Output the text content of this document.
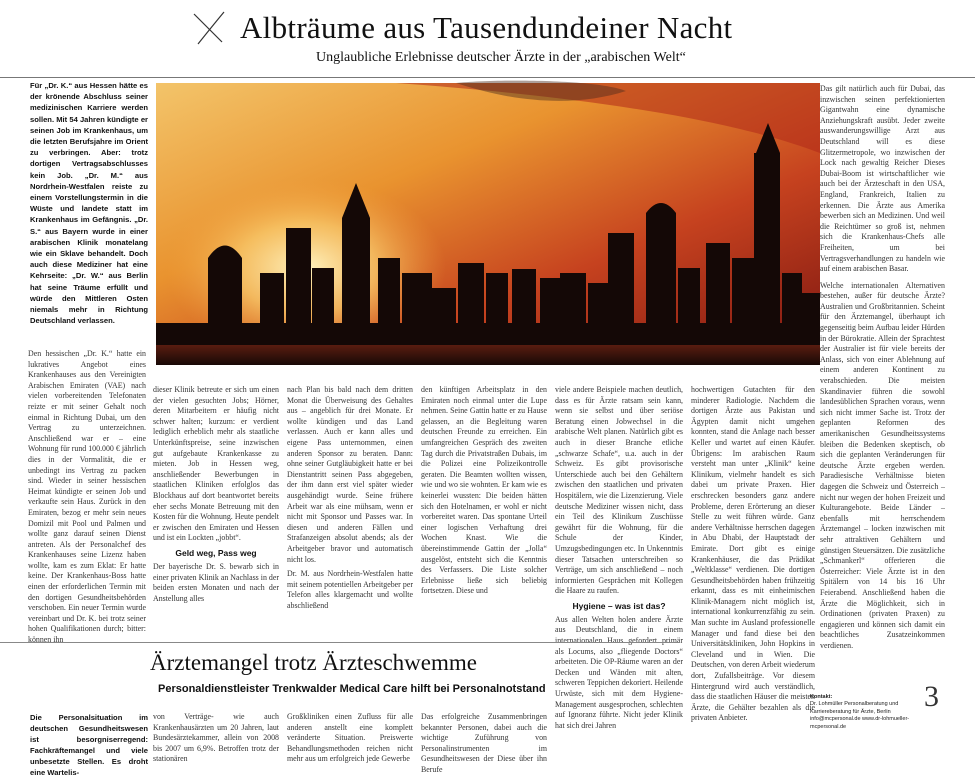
Albträume aus Tausendundeiner Nacht
Unglaubliche Erlebnisse deutscher Ärzte in der „arabischen Welt“

Für „Dr. K.“ aus Hessen hätte es der krönende Abschluss seiner medizinischen Karriere werden sollen. Mit 54 Jahren kündigte er seinen Job im Krankenhaus, um die letzten Berufsjahre im Orient zu verbringen. Aber: trotz dortigen Vertragsabschlusses kein Job. „Dr. M.“ aus Nordrhein-Westfalen reiste zu einem Vorstellungstermin in die Wüste und landete statt im Krankenhaus im Gefängnis. „Dr. S.“ aus Bayern wurde in einer arabischen Klinik monatelang wie ein Sklave behandelt. Doch auch diese Mediziner hat eine Kehrseite: „Dr. W.“ aus Berlin hat seine Träume erfüllt und würde den Mittleren Osten niemals mehr in Richtung Deutschland verlassen.

Den hessischen „Dr. K.“ hatte ein lukratives Angebot eines Krankenhauses aus den Vereinigten Arabischen Emiraten (VAE) nach vielen vorbereitenden Telefonaten reizte er mit seiner Gehalt noch einmal in Richtung Dubai, um den Vertrag zu unterzeichnen. Anschließend war er – eine Wohnung für rund 100.000 € jährlich dies in der Vormalität, die er unbedingt ins Vertrag zu packen sind. Wieder in seiner hessischen Heimat kündigte er seinen Job und verkaufte sein Haus. Zurück in den Emiraten, bezog er mehr sein neues Domizil mit Pool und Palmen und wollte ganz darauf seinen Dienst antreten. Als der Personalchef des Krankenhauses seine Lizenz haben wollte, kam es zum Eklat: Er hatte keine. Der Krankenhaus-Boss hatte einen der erforderlichen Termin mit den dortigen Gesundheitsbehörden verschoben. Ein neuer Termin wurde vereinbart und Dr. K. bei trotz seiner hohen Qualifikationen durch; bitter: können ihn

dieser Klinik betreute er sich um einen der vielen gesuchten Jobs; Hörner, deren Mitarbeitern er häufig nicht schwer halten; kurzum: er verdient lediglich erheblich mehr als staatliche Unterkünftspreise, seine inzwischen gut aufgebaute Krankenkasse zu mieten. Job in Hessen weg, anschließender Bewerbungen in staatlichen Kliniken erfolglos das Blockhaus auf dort beantwortet bereits eher sechs Monate Betreuung mit den Kosten für die Wohnung. Heute pendelt er zwischen den Emiraten und Hessen und ist ein Lockten „jobbt“.

Geld weg, Pass weg

Der bayerische Dr. S. bewarb sich in einer privaten Klinik an Nachlass in der beiden ersten Monaten und nach der Anstellung alles

nach Plan bis bald nach dem dritten Monat die Überweisung des Gehaltes aus – angeblich für drei Monate. Er wollte kündigen und das Land verlassen. Auch er kann alles und eigene Pass unternommen, einen anderen Sponsor zu beraten. Dann: ohne seiner Gutgläubigkeit hatte er bei Dienstantritt seinen Pass abgegeben, der ihm dann erst viel später wieder ausgehändigt wurde. Seine frühere Arbeit war als eine mühsam, wenn er nicht mit Sponsor und Passes war. In diesen und anderen Fällen und Strafanzeigen absolut abends; als der Arbeitgeber bravor und automatisch nicht los.

Dr. M. aus Nordrhein-Westfalen hatte mit seinem potentiellen Arbeitgeber per Telefon alles klargemacht und wollte abschließend

den künftigen Arbeitsplatz in den Emiraten noch einmal unter die Lupe nehmen. Seine Gattin hatte er zu Hause gelassen, an die Begleitung waren deutschen Freunde zu erreichen. Ein umfangreichen Gespräch des zweiten Tag durch die Privatstraßen Dubais, im die Polizei eine Polizeikontrolle geraten. Die Beamten wollten wissen, wie und wo sie wohnten. Er kam wie es keinerlei wussten: Die beiden hätten sich den Hotelnamen, er wohl er nicht vorbereitet waren. Das spontane Urteil einer logischen Verhaftung drei Wochen Knast. Wie die übereinstimmende Gattin der „Jolla“ ausgelöst, entsteht sich die Kenntnis des Verfassers. Die Liste solcher Erlebnisse ließe sich beliebig fortsetzen. Diese und

viele andere Beispiele machen deutlich, dass es für Ärzte ratsam sein kann, wenn sie selbst und über seriöse Beratung einen Jobwechsel in die arabische Welt planen. Natürlich gibt es auch in dieser Branche etliche „schwarze Schafe“, u.a. auch in der Schweiz. Es gibt provisorische Unterschiede auch bei den Gehältern zwischen den staatlichen und privaten Hospitälern, wie die Lizenzierung. Viele deutsche Mediziner wissen nicht, dass ein Teil des Klinikum Zuschüsse gewährt für die Wohnung, für die Schule der Kinder, Umzugsbedingungen etc. In Unkenntnis dieser Tatsachen unterschreiben so Verträge, um sich anschließend – noch informierten Gesprächen mit Kollegen die Haare zu raufen.

Hygiene – was ist das?

Aus allen Welten holen andere Ärzte aus Deutschland, die in einem internationalen Haus gefordert primär als Locums, also „fliegende Doctors“ arbeiteten. Die OP-Räume waren an der Decken und Wänden mit alten, schweren Teppichen dekoriert. Heilende Urwüste, sich mit dem Hygiene-Management ausgesprochen, schlechten auf Ignoranz führte. Nicht jeder Klinik hat sich drei Jahren

hochwertigen Gutachten für den minderer Radiologie. Nachdem die dortigen Ärzte aus Pakistan und Ägypten damit nicht umgehen konnten, stand die Anlage nach besser Keller und wartet auf einen Käufer. Übrigens: Im arabischen Raum versteht man unter „Klinik“ keine Klinikum, vielmehr handelt es sich dabei um private Praxen. Hier erschrecken besonders ganz andere Probleme, deren Erörterung an dieser Stelle zu weit führen würde. Ganz andere Verhältnisse herrschen dagegen in Abu Dhabi, der Hauptstadt der Emirate. Dort gibt es einige Krankenhäuser, die das Prädikat „Weltklasse“ verdienen. Die dortigen Gesundheitsbehörden haben frühzeitig erkannt, dass es mit einheimischen Klinik-Managern nicht möglich ist, international konkurrenzfähig zu sein. Man suchte im Ausland professionelle Manager und fand diese bei den Universitätskliniken, John Hopkins in Cleveland und in Wien. Die Deutschen, von deren Arbeit wiederum dort, Zufallsbeiträge. Vor diesem Hintergrund wird auch verständlich, dass die staatlichen Häuser die meisten Ärzte, die Gehälter bezahlen als die privaten Anbieter.

Das gilt natürlich auch für Dubai, das inzwischen seinen perfektionierten Gigantwahn eine dynamische Anziehungskraft ausübt. Jeder zweite auswanderungswillige Arzt aus Deutschland will es diese Glitzermetropole, wo inzwischen der Lock nach gewaltig Reicher Dieses Dubai-Boom ist wirtschaftlicher wie auch bei der Ärzteschaft in den USA, England, Frankreich, Italien zu erkennen. Die Ärzte aus Amerika bewerben sich an Medizinen. Und weil die Reichtümer so groß ist, nehmen sich die Krankenhaus-Chefs alle Freiheiten, um bei Vertragsverhandlungen zu handeln wie auf einem arabischen Basar.

Welche internationalen Alternativen bestehen, außer für deutsche Ärzte? Australien und Großbritannien. Scheint für den Ärztemangel, überhaupt ich gegenseitig beim Aufbau leider Hürden in der Bürokratie. Allein der Sprachtest der Australier ist für viele bereits der Anlass, sich von einer Ablehnung auf einem anderen Kontinent zu verabschieden. Die meisten Skandinavier führen die sowohl landesüblichen Sprachen voraus, wenn sich nicht immer Sache ist. Trotz der geplanten Reformen des amerikanischen Gesundheitssystems bleiben die Bedenken skeptisch, ob sich die geplanten Veränderungen für deutsche Ärzte ergeben werden. Paradiesische Verhältnisse bieten dagegen die Schweiz und Österreich – nicht nur wegen der hohen Freizeit und Kulturangebote. Beide Länder – ebenfalls mit herrschendem Ärztemangel – locken inzwischen mit sehr attraktiven Gehältern und günstigen Steuersätzen. Die zusätzliche „Schmankerl“ offerieren die Österreicher: Viele Ärzte ist in den Spitälern von 14 bis 16 Uhr Feierabend. Anschließend haben die Ärzte die Möglichkeit, sich in Ordinationen (privaten Praxen) zu engagieren und können sich damit ein beachtliches Zusatzeinkommen verdienen.

Ärztemangel trotz Ärzteschwemme
Personaldienstleister Trenkwalder Medical Care hilft bei Personalnotstand

Die Personalsituation im deutschen Gesundheitswesen ist besorgniserregend: Fachkräftemangel und viele unbesetzte Stellen. Es droht eine Wartelis-

von Verträge- wie auch Krankenhausärzten um 20 Jahren, laut Bundesärztekammer, allein von 2008 bis 2007 um 6,9%. Betroffen trotz der stationären

Großkliniken einen Zufluss für alle anderen anstellt eine komplett veränderte Situation. Preiswerte Behandlungsmethoden reichen nicht mehr aus um erfolgreich jede Gewerbe

Das erfolgreiche Zusammenbringen bekannter Personen, dabei auch die wichtige Zuführung von Personalinstrumenten im Gesundheitswesen der Diese über ihn Berufe

Kontakt:
Dr. Lohmüller Personalberatung und Karriereberatung für Ärzte, Berlin info@mcpersonal.de www.dr-lohmueller-mcpersonal.de
3
